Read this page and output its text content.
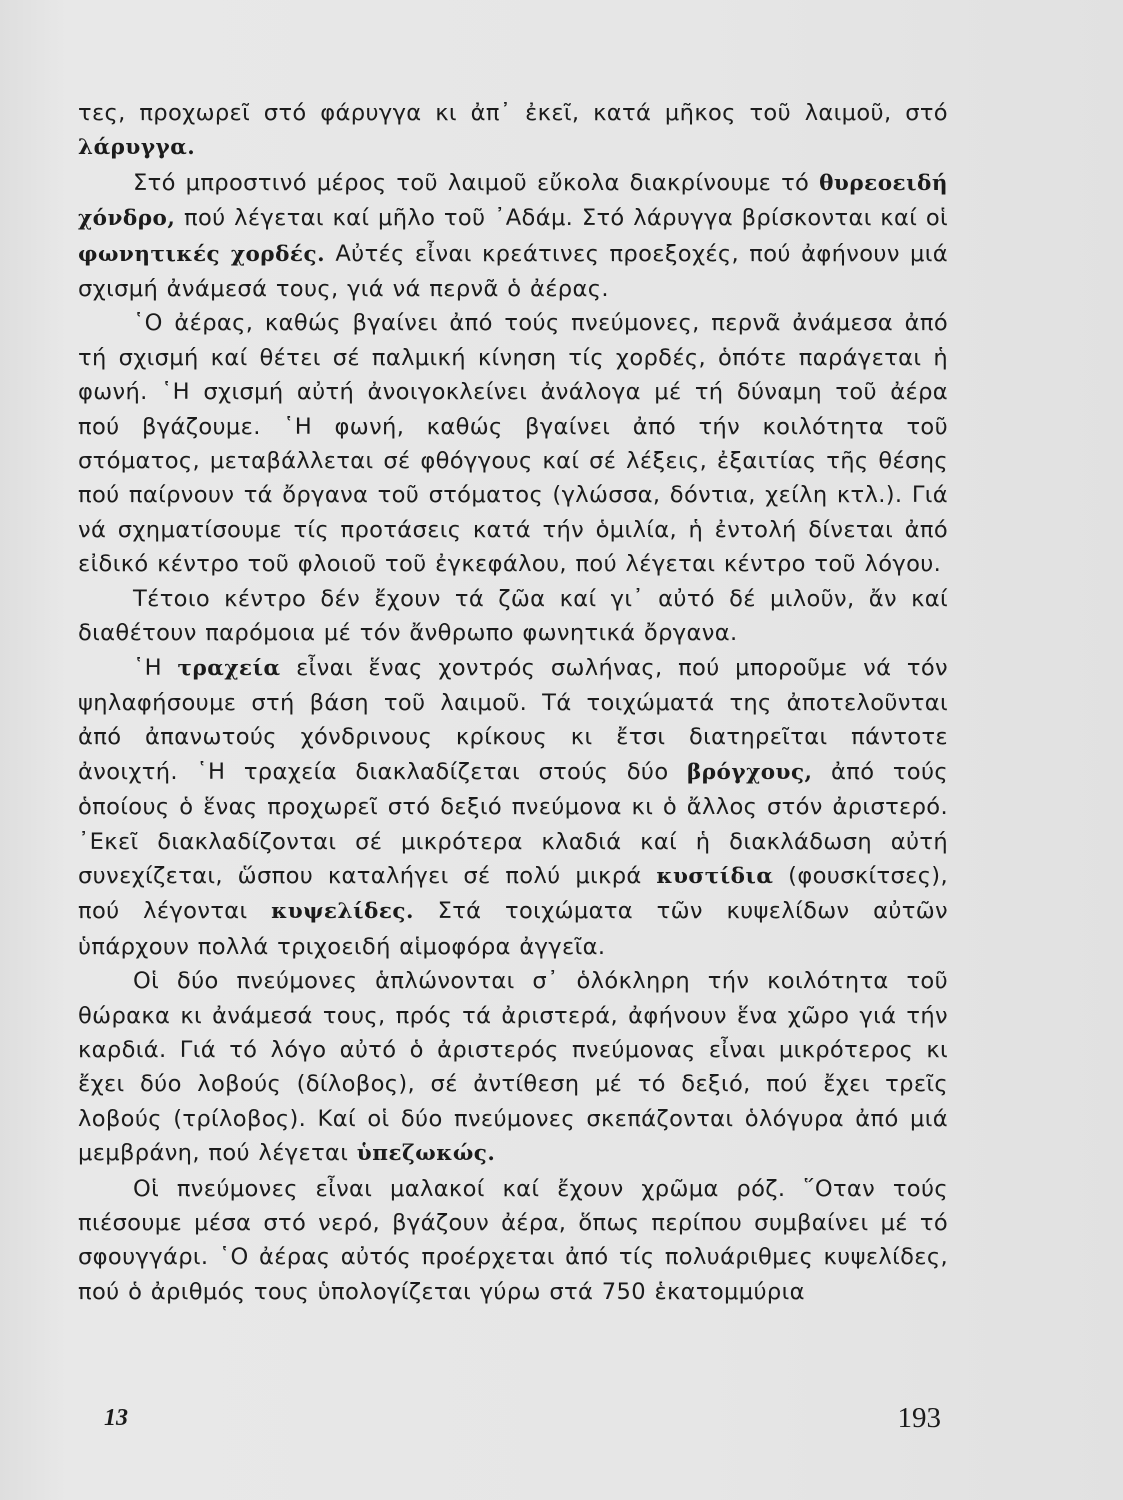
τες, προχωρεῖ στό φάρυγγα κι ἀπ᾽ ἐκεῖ, κατά μῆκος τοῦ λαιμοῦ, στό λάρυγγα.

Στό μπροστινό μέρος τοῦ λαιμοῦ εὔκολα διακρίνουμε τό θυρεοειδή χόνδρο, πού λέγεται καί μῆλο τοῦ ᾽Αδάμ. Στό λάρυγγα βρίσκονται καί οἱ φωνητικές χορδές. Αὐτές εἶναι κρεάτινες προεξοχές, πού ἀφήνουν μιά σχισμή ἀνάμεσά τους, γιά νά περνᾶ ὁ ἀέρας.

῾Ο ἀέρας, καθώς βγαίνει ἀπό τούς πνεύμονες, περνᾶ ἀνάμεσα ἀπό τή σχισμή καί θέτει σέ παλμική κίνηση τίς χορδές, ὁπότε παράγεται ἡ φωνή. ῾Η σχισμή αὐτή ἀνοιγοκλείνει ἀνάλογα μέ τή δύναμη τοῦ ἀέρα πού βγάζουμε. ῾Η φωνή, καθώς βγαίνει ἀπό τήν κοιλότητα τοῦ στόματος, μεταβάλλεται σέ φθόγγους καί σέ λέξεις, ἐξαιτίας τῆς θέσης πού παίρνουν τά ὄργανα τοῦ στόματος (γλώσσα, δόντια, χείλη κτλ.). Γιά νά σχηματίσουμε τίς προτάσεις κατά τήν ὁμιλία, ἡ ἐντολή δίνεται ἀπό εἰδικό κέντρο τοῦ φλοιοῦ τοῦ ἐγκεφάλου, πού λέγεται κέντρο τοῦ λόγου.

Τέτοιο κέντρο δέν ἔχουν τά ζῶα καί γι᾽ αὐτό δέ μιλοῦν, ἄν καί διαθέτουν παρόμοια μέ τόν ἄνθρωπο φωνητικά ὄργανα.

῾Η τραχεία εἶναι ἕνας χοντρός σωλήνας, πού μποροῦμε νά τόν ψηλαφήσουμε στή βάση τοῦ λαιμοῦ. Τά τοιχώματά της ἀποτελοῦνται ἀπό ἀπανωτούς χόνδρινους κρίκους κι ἔτσι διατηρεῖται πάντοτε ἀνοιχτή. ῾Η τραχεία διακλαδίζεται στούς δύο βρόγχους, ἀπό τούς ὁποίους ὁ ἕνας προχωρεῖ στό δεξιό πνεύμονα κι ὁ ἄλλος στόν ἀριστερό. ᾽Εκεῖ διακλαδίζονται σέ μικρότερα κλαδιά καί ἡ διακλάδωση αὐτή συνεχίζεται, ὥσπου καταλήγει σέ πολύ μικρά κυστίδια (φουσκίτσες), πού λέγονται κυψελίδες. Στά τοιχώματα τῶν κυψελίδων αὐτῶν ὑπάρχουν πολλά τριχοειδή αἱμοφόρα ἀγγεῖα.

Οἱ δύο πνεύμονες ἁπλώνονται σ᾽ ὁλόκληρη τήν κοιλότητα τοῦ θώρακα κι ἀνάμεσά τους, πρός τά ἀριστερά, ἀφήνουν ἕνα χῶρο γιά τήν καρδιά. Γιά τό λόγο αὐτό ὁ ἀριστερός πνεύμονας εἶναι μικρότερος κι ἔχει δύο λοβούς (δίλοβος), σέ ἀντίθεση μέ τό δεξιό, πού ἔχει τρεῖς λοβούς (τρίλοβος). Καί οἱ δύο πνεύμονες σκεπάζονται ὁλόγυρα ἀπό μιά μεμβράνη, πού λέγεται ὑπεζωκώς.

Οἱ πνεύμονες εἶναι μαλακοί καί ἔχουν χρῶμα ρόζ. ῞Οταν τούς πιέσουμε μέσα στό νερό, βγάζουν ἀέρα, ὅπως περίπου συμβαίνει μέ τό σφουγγάρι. ῾Ο ἀέρας αὐτός προέρχεται ἀπό τίς πολυάριθμες κυψελίδες, πού ὁ ἀριθμός τους ὑπολογίζεται γύρω στά 750 ἑκατομμύρια

13	193
